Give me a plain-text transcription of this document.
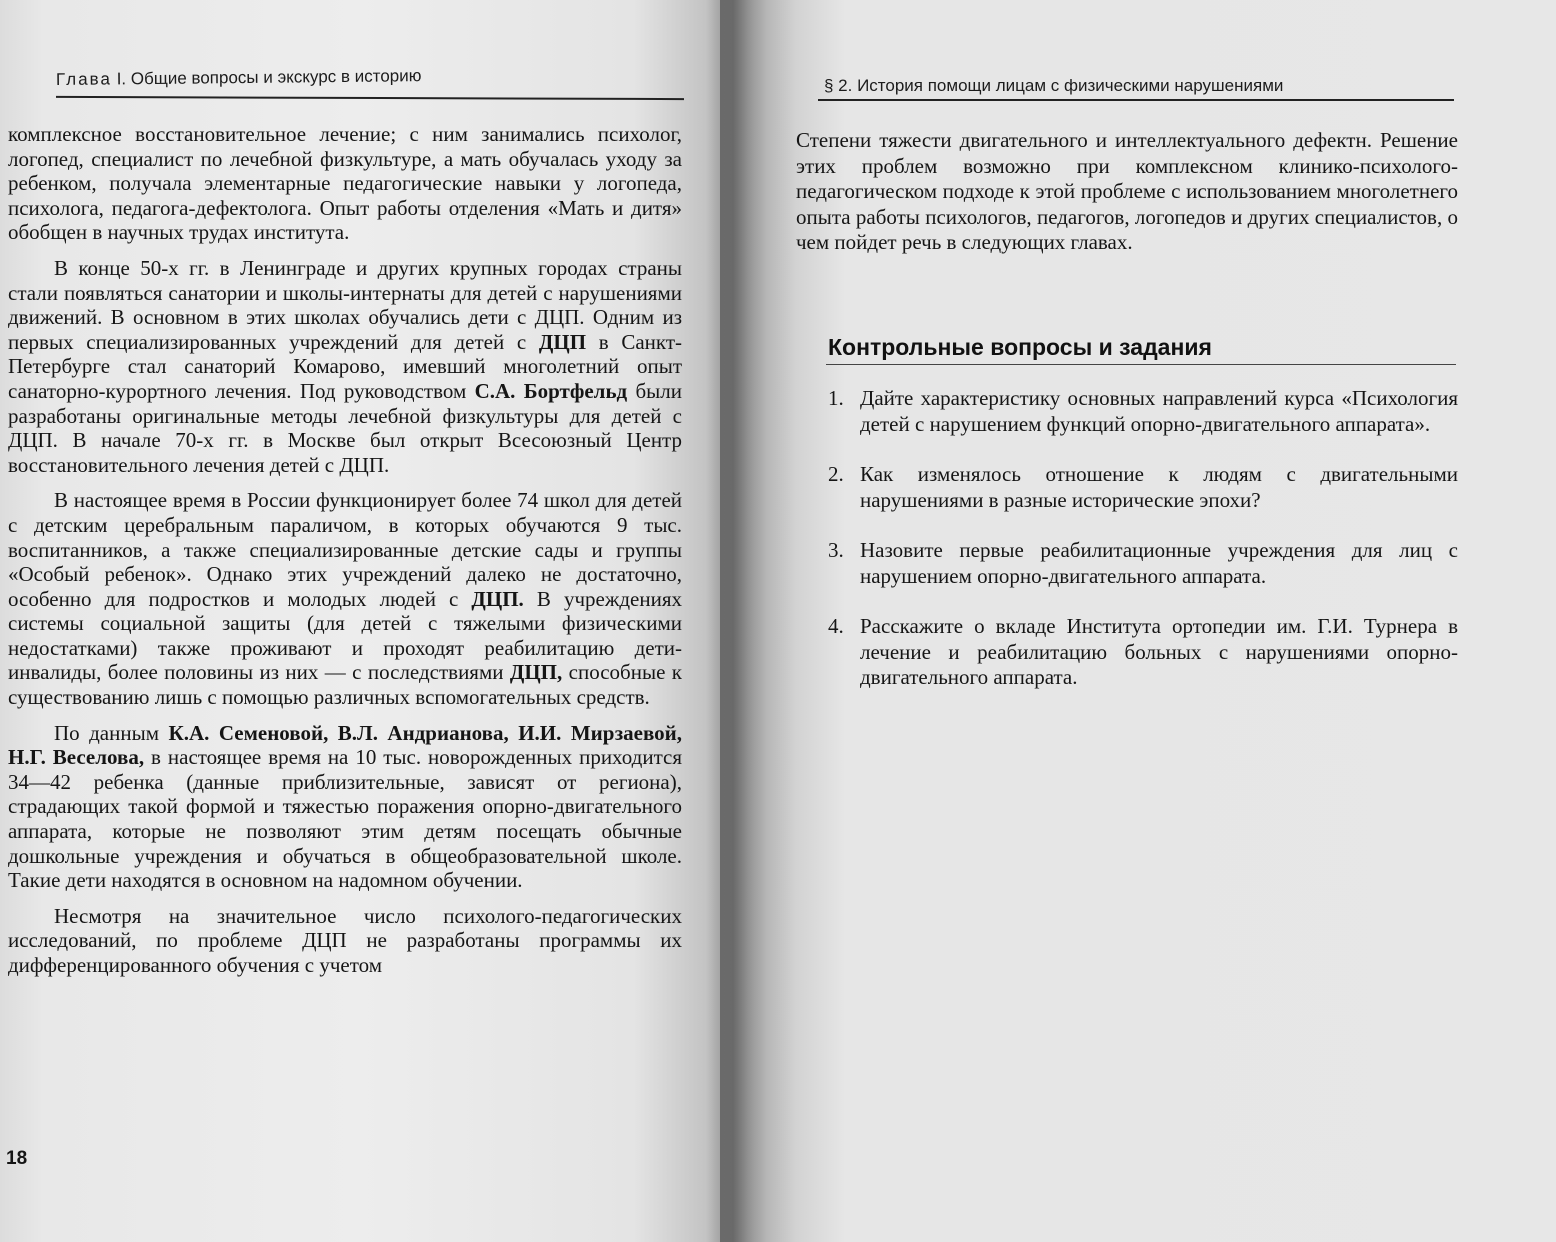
Глава I. Общие вопросы и экскурс в историю

комплексное восстановительное лечение; с ним занимались психолог, логопед, специалист по лечебной физкультуре, а мать обучалась уходу за ребенком, получала элементарные педагогические навыки у логопеда, психолога, педагога-дефектолога. Опыт работы отделения «Мать и дитя» обобщен в научных трудах института.

В конце 50-х гг. в Ленинграде и других крупных городах страны стали появляться санатории и школы-интернаты для детей с нарушениями движений. В основном в этих школах обучались дети с ДЦП. Одним из первых специализированных учреждений для детей с ДЦП в Санкт-Петербурге стал санаторий Комарово, имевший многолетний опыт санаторно-курортного лечения. Под руководством С.А. Бортфельд были разработаны оригинальные методы лечебной физкультуры для детей с ДЦП. В начале 70-х гг. в Москве был открыт Всесоюзный Центр восстановительного лечения детей с ДЦП.

В настоящее время в России функционирует более 74 школ для детей с детским церебральным параличом, в которых обучаются 9 тыс. воспитанников, а также специализированные детские сады и группы «Особый ребенок». Однако этих учреждений далеко не достаточно, особенно для подростков и молодых людей с ДЦП. В учреждениях системы социальной защиты (для детей с тяжелыми физическими недостатками) также проживают и проходят реабилитацию дети-инвалиды, более половины из них — с последствиями ДЦП, способные к существованию лишь с помощью различных вспомогательных средств.

По данным К.А. Семеновой, В.Л. Андрианова, И.И. Мирзаевой, Н.Г. Веселова, в настоящее время на 10 тыс. новорожденных приходится 34—42 ребенка (данные приблизительные, зависят от региона), страдающих такой формой и тяжестью поражения опорно-двигательного аппарата, которые не позволяют этим детям посещать обычные дошкольные учреждения и обучаться в общеобразовательной школе. Такие дети находятся в основном на надомном обучении.

Несмотря на значительное число психолого-педагогических исследований, по проблеме ДЦП не разработаны программы их дифференцированного обучения с учетом

18
§ 2. История помощи лицам с физическими нарушениями

Степени тяжести двигательного и интеллектуального дефектн. Решение этих проблем возможно при комплексном клинико-психолого-педагогическом подходе к этой проблеме с использованием многолетнего опыта работы психологов, педагогов, логопедов и других специалистов, о чем пойдет речь в следующих главах.

Контрольные вопросы и задания
1. Дайте характеристику основных направлений курса «Психология детей с нарушением функций опорно-двигательного аппарата».
2. Как изменялось отношение к людям с двигательными нарушениями в разные исторические эпохи?
3. Назовите первые реабилитационные учреждения для лиц с нарушением опорно-двигательного аппарата.
4. Расскажите о вкладе Института ортопедии им. Г.И. Турнера в лечение и реабилитацию больных с нарушениями опорно-двигательного аппарата.
